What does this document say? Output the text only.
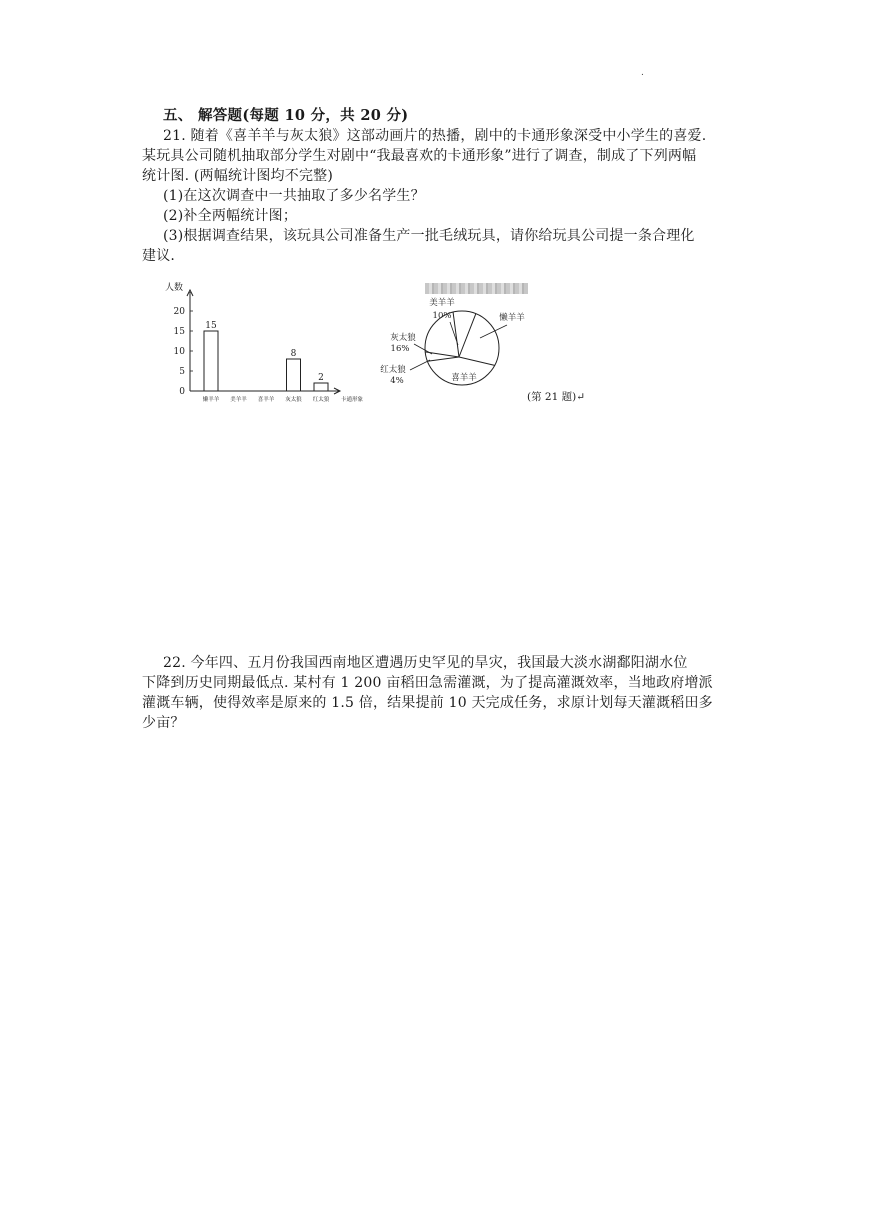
.
五、 解答题(每题 10 分，共 20 分)
21. 随着《喜羊羊与灰太狼》这部动画片的热播，剧中的卡通形象深受中小学生的喜爱.
某玩具公司随机抽取部分学生对剧中“我最喜欢的卡通形象”进行了调查，制成了下列两幅
统计图. (两幅统计图均不完整)
(1)在这次调查中一共抽取了多少名学生？
(2)补全两幅统计图；
(3)根据调查结果，该玩具公司准备生产一批毛绒玩具，请你给玩具公司提一条合理化
建议.
人数
卡通形象
0
5
10
15
20
懒羊羊
15
美羊羊 喜羊羊 灰太狼
8
红太狼
2
美羊羊
10%	懒羊羊
喜羊羊
红太狼
4%
灰太狼
16%
(第 21 题)↵
22. 今年四、五月份我国西南地区遭遇历史罕见的旱灾，我国最大淡水湖鄱阳湖水位
下降到历史同期最低点. 某村有 1 200 亩稻田急需灌溉，为了提高灌溉效率，当地政府增派
灌溉车辆，使得效率是原来的 1.5 倍，结果提前 10 天完成任务，求原计划每天灌溉稻田多
少亩？
